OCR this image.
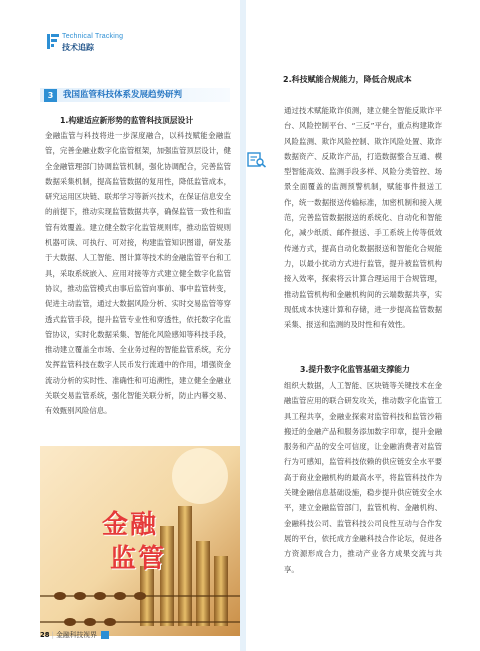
Technical Tracking
技术追踪
3	我国监管科技体系发展趋势研判
1.构建适应新形势的监管科技顶层设计
金融监管与科技将进一步深度融合，以科技赋能金融监管，完善金融业数字化监管框架，加强监管顶层设计，健全金融管理部门协调监管机制，强化协调配合，完善监管数据采集机制，提高监管数据的复用性，降低监管成本，研究运用区块链、联邦学习等新兴技术，在保证信息安全的前提下，推动实现监管数据共享，确保监管一致性和监管有效覆盖。建立健全数字化监管规则库，推动监管规则机器可读、可执行、可对接，构建监管知识图谱，研发基于大数据、人工智能、图计算等技术的金融监管平台和工具，采取系统嵌入、应用对接等方式建立健全数字化监管协议，推动监管模式由事后监管向事前、事中监管转变，促进主动监管，通过大数据风险分析、实时交易监管等穿透式监管手段，提升监管专业性和穿透性，依托数字化监管协议，实时化数据采集、智能化风险感知等科技手段，推动建立覆盖全市场、全业务过程的智能监管系统，充分发挥监管科技在数字人民币发行流通中的作用，增强资金流动分析的实时性、准确性和可追溯性，建立健全金融业关联交易监管系统，强化智能关联分析，防止内幕交易、有效甄别风险信息。
金融
监管
28 | 金融科技视界
2.科技赋能合规能力，降低合规成本
通过技术赋能欺诈侦测，建立健全智能反欺诈平台、风险控制平台、“三反”平台，重点构建欺诈风险监测、欺诈风险控制、欺诈风险处置、欺诈数据资产、反欺诈产品，打造数据整合互通、模型智能高效、监测手段多样、风险分类管控、场景全面覆盖的监测预警机制，赋能事件报送工作，统一数据报送传输标准，加密机制和接入规范，完善监管数据报送的系统化、自动化和智能化，减少纸质、邮件报送、手工系统上传等低效传递方式，提高自动化数据报送和智能化合规能力，以最小扰动方式进行监管，提升被监管机构接入效率，探索将云计算合理运用于合规管理，推动监管机构和金融机构间的云端数据共享，实现低成本快速计算和存储，进一步提高监管数据采集、报送和监测的及时性和有效性。
3.提升数字化监管基础支撑能力
组织大数据，人工智能、区块链等关键技术在金融监管应用的联合研发攻关，推动数字化监管工具工程共享，金融业探索对监管科技和监管沙箱搬迁的金融产品和服务添加数字印章，提升金融服务和产品的安全可信度，让金融消费者对监管行为可感知，监管科技依赖的供应链安全水平要高于商业金融机构的最高水平，将监管科技作为关键金融信息基础设施，稳步提升供应链安全水平，建立金融监管部门，监管机构、金融机构、金融科技公司、监管科技公司良性互动与合作发展的平台，依托成方金融科技合作论坛，促进各方资源形成合力，推动产业各方成果交流与共享。
